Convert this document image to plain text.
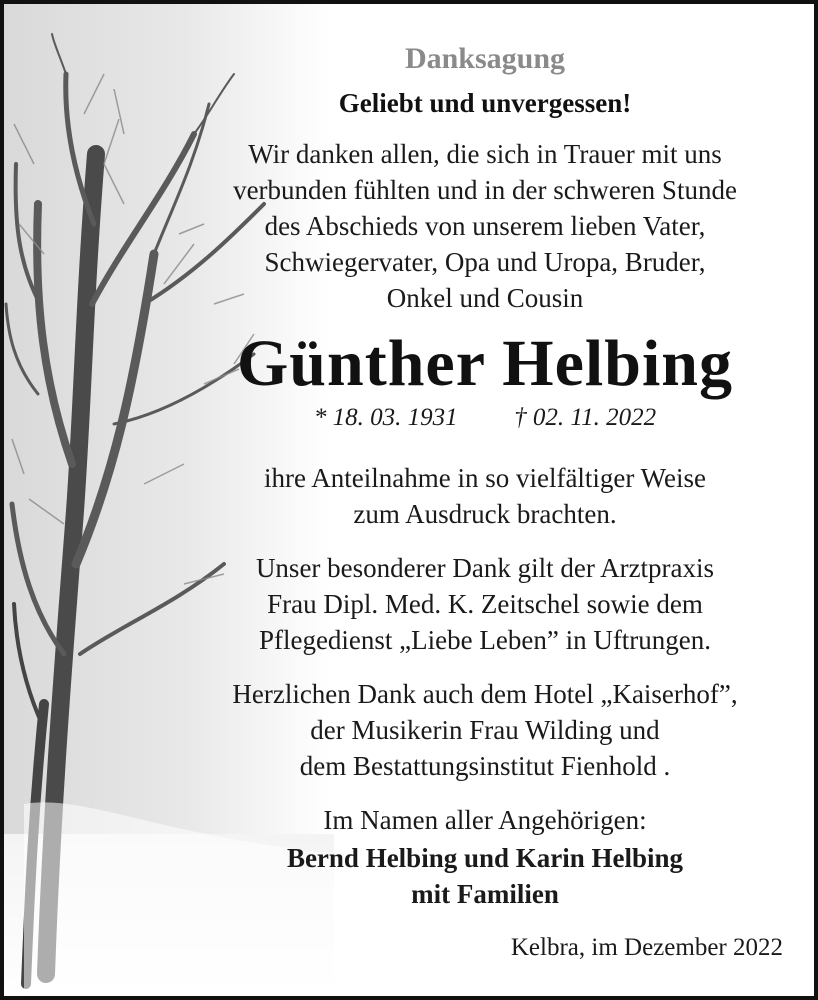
Danksagung
Geliebt und unvergessen!
Wir danken allen, die sich in Trauer mit uns
verbunden fühlten und in der schweren Stunde
des Abschieds von unserem lieben Vater,
Schwiegervater, Opa und Uropa, Bruder,
Onkel und Cousin
Günther Helbing
* 18. 03. 1931 † 02. 11. 2022
ihre Anteilnahme in so vielfältiger Weise
zum Ausdruck brachten.
Unser besonderer Dank gilt der Arztpraxis
Frau Dipl. Med. K. Zeitschel sowie dem
Pflegedienst „Liebe Leben” in Uftrungen.
Herzlichen Dank auch dem Hotel „Kaiserhof”,
der Musikerin Frau Wilding und
dem Bestattungsinstitut Fienhold .
Im Namen aller Angehörigen:
Bernd Helbing und Karin Helbing
mit Familien
Kelbra, im Dezember 2022
